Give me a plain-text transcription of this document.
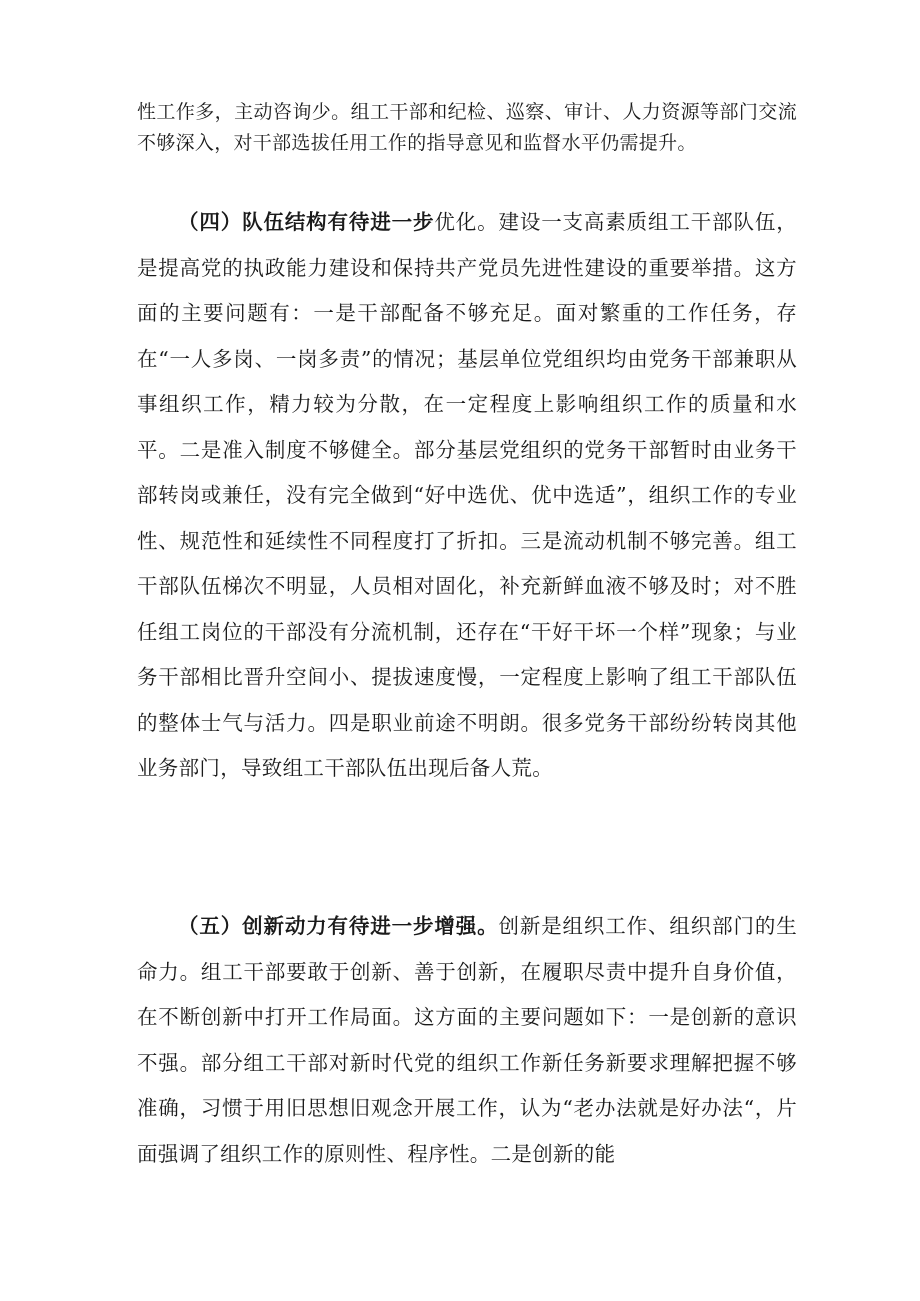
性工作多，主动咨询少。组工干部和纪检、巡察、审计、人力资源等部门交流不够深入，对干部选拔任用工作的指导意见和监督水平仍需提升。

（四）队伍结构有待进一步优化。建设一支高素质组工干部队伍，是提高党的执政能力建设和保持共产党员先进性建设的重要举措。这方面的主要问题有：一是干部配备不够充足。面对繁重的工作任务，存在“一人多岗、一岗多责”的情况；基层单位党组织均由党务干部兼职从事组织工作，精力较为分散，在一定程度上影响组织工作的质量和水平。二是准入制度不够健全。部分基层党组织的党务干部暂时由业务干部转岗或兼任，没有完全做到“好中选优、优中选适”，组织工作的专业性、规范性和延续性不同程度打了折扣。三是流动机制不够完善。组工干部队伍梯次不明显，人员相对固化，补充新鲜血液不够及时；对不胜任组工岗位的干部没有分流机制，还存在“干好干坏一个样”现象；与业务干部相比晋升空间小、提拔速度慢，一定程度上影响了组工干部队伍的整体士气与活力。四是职业前途不明朗。很多党务干部纷纷转岗其他业务部门，导致组工干部队伍出现后备人荒。

（五）创新动力有待进一步增强。创新是组织工作、组织部门的生命力。组工干部要敢于创新、善于创新，在履职尽责中提升自身价值，在不断创新中打开工作局面。这方面的主要问题如下：一是创新的意识不强。部分组工干部对新时代党的组织工作新任务新要求理解把握不够准确，习惯于用旧思想旧观念开展工作，认为“老办法就是好办法“，片面强调了组织工作的原则性、程序性。二是创新的能
